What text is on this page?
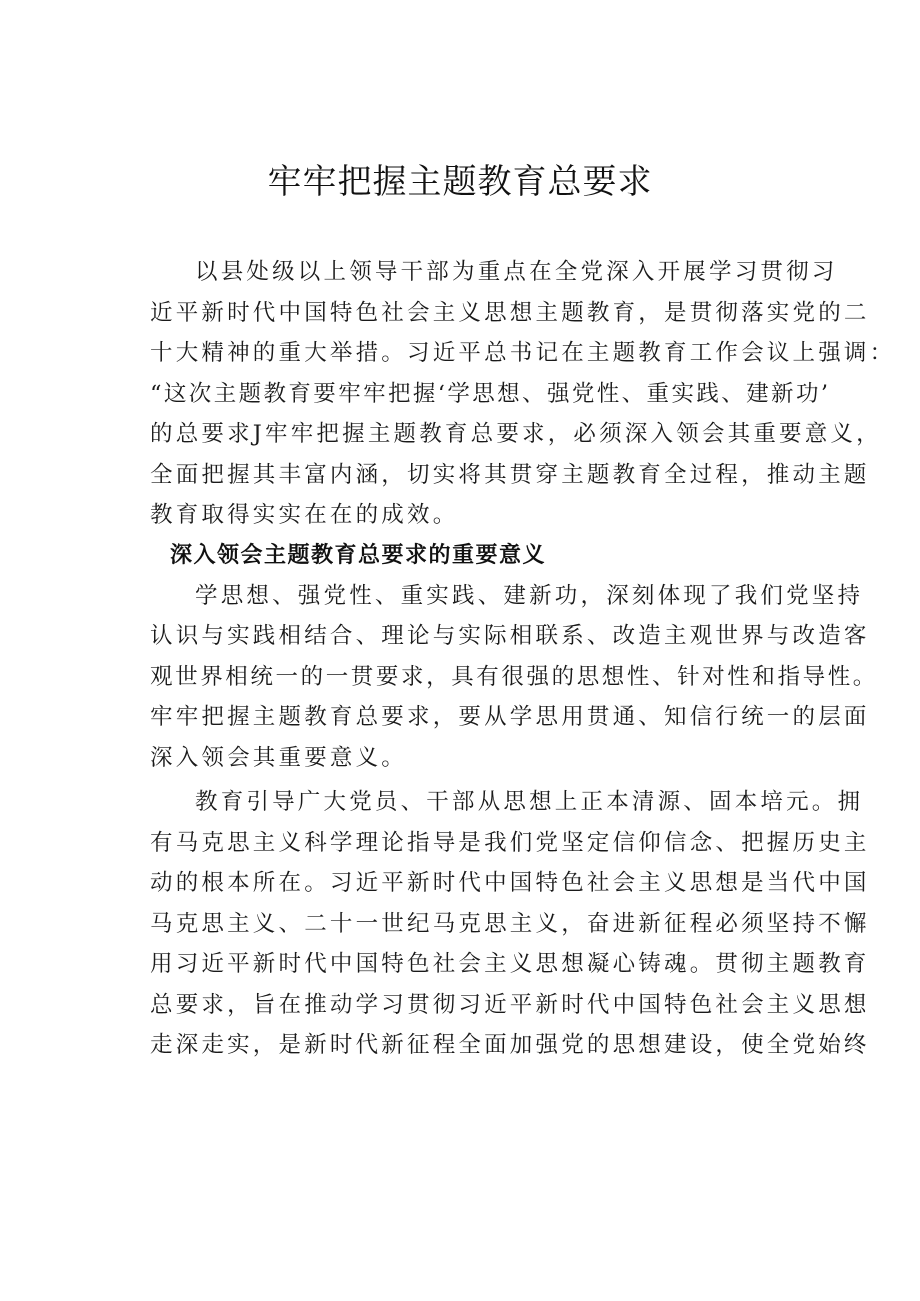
牢牢把握主题教育总要求

以县处级以上领导干部为重点在全党深入开展学习贯彻习
近平新时代中国特色社会主义思想主题教育，是贯彻落实党的二
十大精神的重大举措。习近平总书记在主题教育工作会议上强调：
“这次主题教育要牢牢把握‘学思想、强党性、重实践、建新功’
的总要求J牢牢把握主题教育总要求，必须深入领会其重要意义，
全面把握其丰富内涵，切实将其贯穿主题教育全过程，推动主题
教育取得实实在在的成效。

深入领会主题教育总要求的重要意义

学思想、强党性、重实践、建新功，深刻体现了我们党坚持
认识与实践相结合、理论与实际相联系、改造主观世界与改造客
观世界相统一的一贯要求，具有很强的思想性、针对性和指导性。
牢牢把握主题教育总要求，要从学思用贯通、知信行统一的层面
深入领会其重要意义。

教育引导广大党员、干部从思想上正本清源、固本培元。拥
有马克思主义科学理论指导是我们党坚定信仰信念、把握历史主
动的根本所在。习近平新时代中国特色社会主义思想是当代中国
马克思主义、二十一世纪马克思主义，奋进新征程必须坚持不懈
用习近平新时代中国特色社会主义思想凝心铸魂。贯彻主题教育
总要求，旨在推动学习贯彻习近平新时代中国特色社会主义思想
走深走实，是新时代新征程全面加强党的思想建设，使全党始终
